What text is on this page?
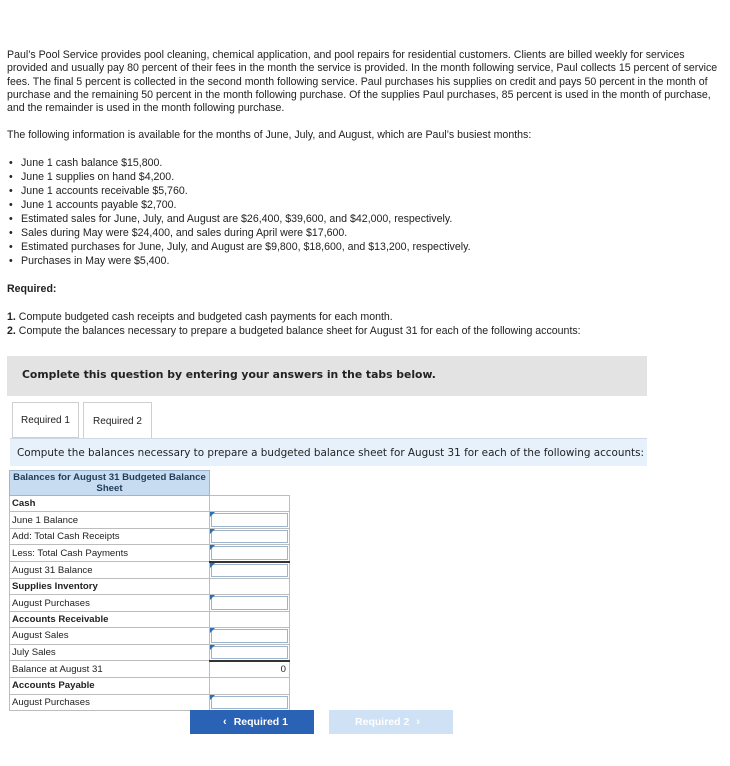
Paul’s Pool Service provides pool cleaning, chemical application, and pool repairs for residential customers. Clients are billed weekly for services provided and usually pay 80 percent of their fees in the month the service is provided. In the month following service, Paul collects 15 percent of service fees. The final 5 percent is collected in the second month following service. Paul purchases his supplies on credit and pays 50 percent in the month of purchase and the remaining 50 percent in the month following purchase. Of the supplies Paul purchases, 85 percent is used in the month of purchase, and the remainder is used in the month following purchase.

The following information is available for the months of June, July, and August, which are Paul’s busiest months:

• June 1 cash balance $15,800.
• June 1 supplies on hand $4,200.
• June 1 accounts receivable $5,760.
• June 1 accounts payable $2,700.
• Estimated sales for June, July, and August are $26,400, $39,600, and $42,000, respectively.
• Sales during May were $24,400, and sales during April were $17,600.
• Estimated purchases for June, July, and August are $9,800, $18,600, and $13,200, respectively.
• Purchases in May were $5,400.

Required:

1. Compute budgeted cash receipts and budgeted cash payments for each month.

2. Compute the balances necessary to prepare a budgeted balance sheet for August 31 for each of the following accounts:

Complete this question by entering your answers in the tabs below.
Required 1	Required 2
Compute the balances necessary to prepare a budgeted balance sheet for August 31 for each of the following accounts:
Balances for August 31 Budgeted Balance Sheet	
Cash	
June 1 Balance	

Add: Total Cash Receipts	

Less: Total Cash Payments	

August 31 Balance	

Supplies Inventory	
August Purchases	

Accounts Receivable	
August Sales	

July Sales	

Balance at August 31	0
Accounts Payable	
August Purchases	
‹ Required 1	Required 2 ›
